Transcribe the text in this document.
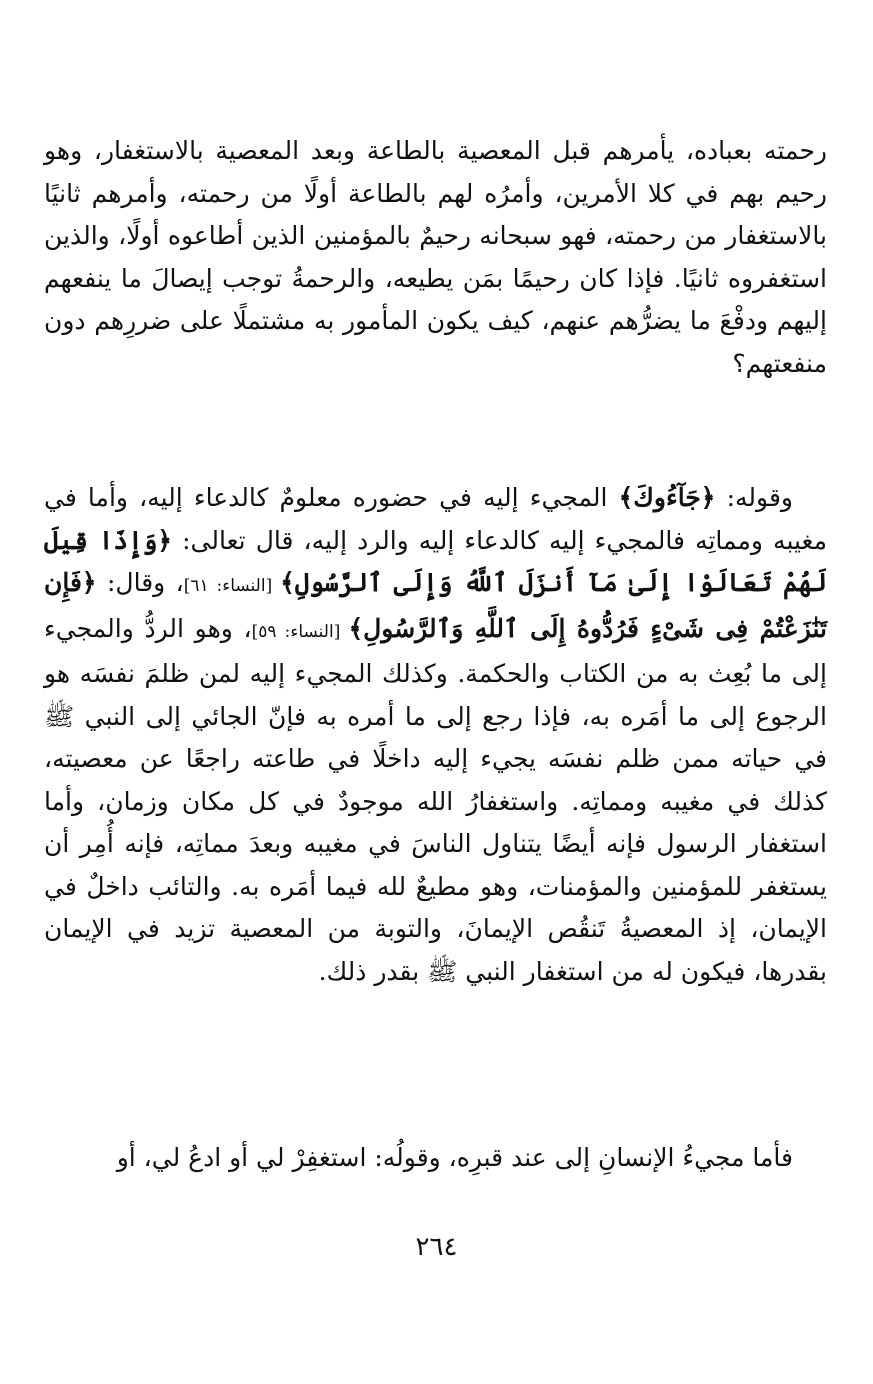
رحمته بعباده، يأمرهم قبل المعصية بالطاعة وبعد المعصية بالاستغفار، وهو رحيم بهم في كلا الأمرين، وأمرُه لهم بالطاعة أولًا من رحمته، وأمرهم ثانيًا بالاستغفار من رحمته، فهو سبحانه رحيمٌ بالمؤمنين الذين أطاعوه أولًا، والذين استغفروه ثانيًا. فإذا كان رحيمًا بمَن يطيعه، والرحمةُ توجب إيصالَ ما ينفعهم إليهم ودفْعَ ما يضرُّهم عنهم، كيف يكون المأمور به مشتملًا على ضررِهم دون منفعتهم؟

وقوله: ﴿جَآءُوكَ﴾ المجيء إليه في حضوره معلومٌ كالدعاء إليه، وأما في مغيبه ومماتِه فالمجيء إليه كالدعاء إليه والرد إليه، قال تعالى: ﴿وَإِذَا قِيلَ لَهُمْ تَعَالَوْا إِلَىٰ مَآ أَنزَلَ ٱللَّهُ وَإِلَى ٱلرَّسُولِ﴾ [النساء: ٦١]، وقال: ﴿فَإِن تَنَٰزَعْتُمْ فِى شَىْءٍ فَرُدُّوهُ إِلَى ٱللَّهِ وَٱلرَّسُولِ﴾ [النساء: ٥٩]، وهو الردُّ والمجيء إلى ما بُعِث به من الكتاب والحكمة. وكذلك المجيء إليه لمن ظلمَ نفسَه هو الرجوع إلى ما أمَره به، فإذا رجع إلى ما أمره به فإنّ الجائي إلى النبي ﷺ في حياته ممن ظلم نفسَه يجيء إليه داخلًا في طاعته راجعًا عن معصيته، كذلك في مغيبه ومماتِه. واستغفارُ الله موجودٌ في كل مكان وزمان، وأما استغفار الرسول فإنه أيضًا يتناول الناسَ في مغيبه وبعدَ مماتِه، فإنه أُمِر أن يستغفر للمؤمنين والمؤمنات، وهو مطيعٌ لله فيما أمَره به. والتائب داخلٌ في الإيمان، إذ المعصيةُ تَنقُص الإيمانَ، والتوبة من المعصية تزيد في الإيمان بقدرها، فيكون له من استغفار النبي ﷺ بقدر ذلك.

فأما مجيءُ الإنسانِ إلى عند قبرِه، وقولُه: استغفِرْ لي أو ادعُ لي، أو

٢٦٤
